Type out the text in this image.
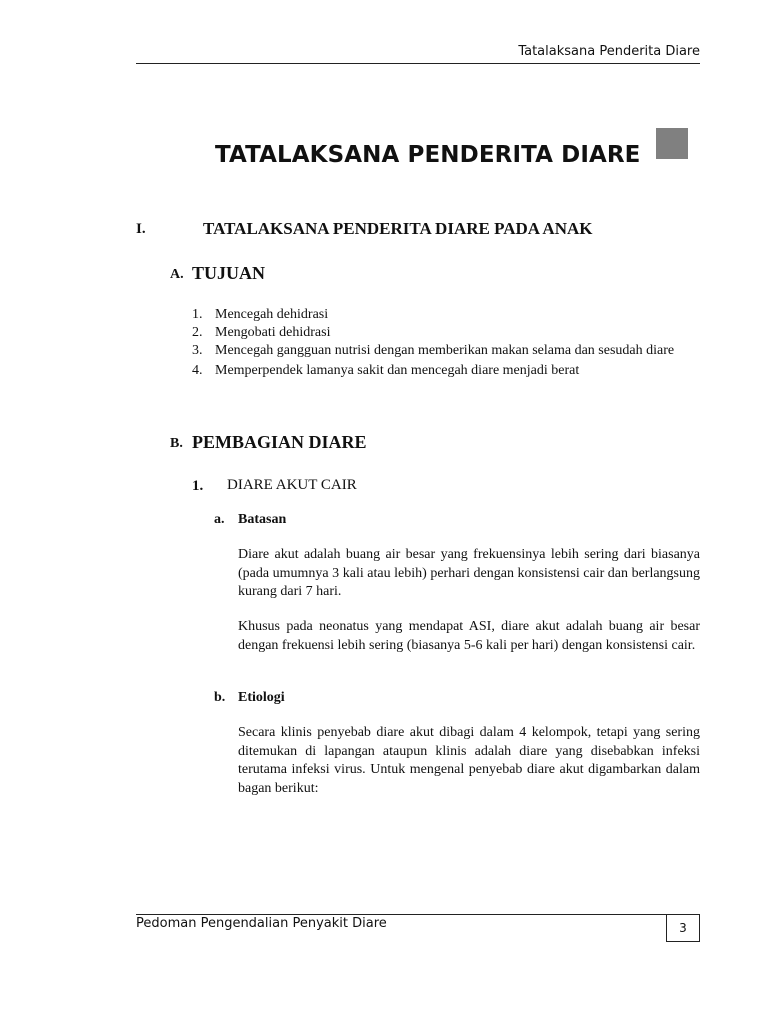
Tatalaksana Penderita Diare
TATALAKSANA PENDERITA DIARE
I.	TATALAKSANA PENDERITA DIARE PADA ANAK
A. TUJUAN
1. Mencegah dehidrasi
2. Mengobati dehidrasi
3. Mencegah gangguan nutrisi dengan memberikan makan selama dan sesudah diare
4. Memperpendek lamanya sakit dan mencegah diare menjadi berat
B. PEMBAGIAN DIARE
1. DIARE AKUT CAIR
a. Batasan

Diare akut adalah buang air besar yang frekuensinya lebih sering dari biasanya (pada umumnya 3 kali atau lebih) perhari dengan konsistensi cair dan berlangsung kurang dari 7 hari.

Khusus pada neonatus yang mendapat ASI, diare akut adalah buang air besar dengan frekuensi lebih sering (biasanya 5-6 kali per hari) dengan konsistensi cair.

b. Etiologi

Secara klinis penyebab diare akut dibagi dalam 4 kelompok, tetapi yang sering ditemukan di lapangan ataupun klinis adalah diare yang disebabkan infeksi terutama infeksi virus. Untuk mengenal penyebab diare akut digambarkan dalam bagan berikut:

Pedoman Pengendalian Penyakit Diare	3
